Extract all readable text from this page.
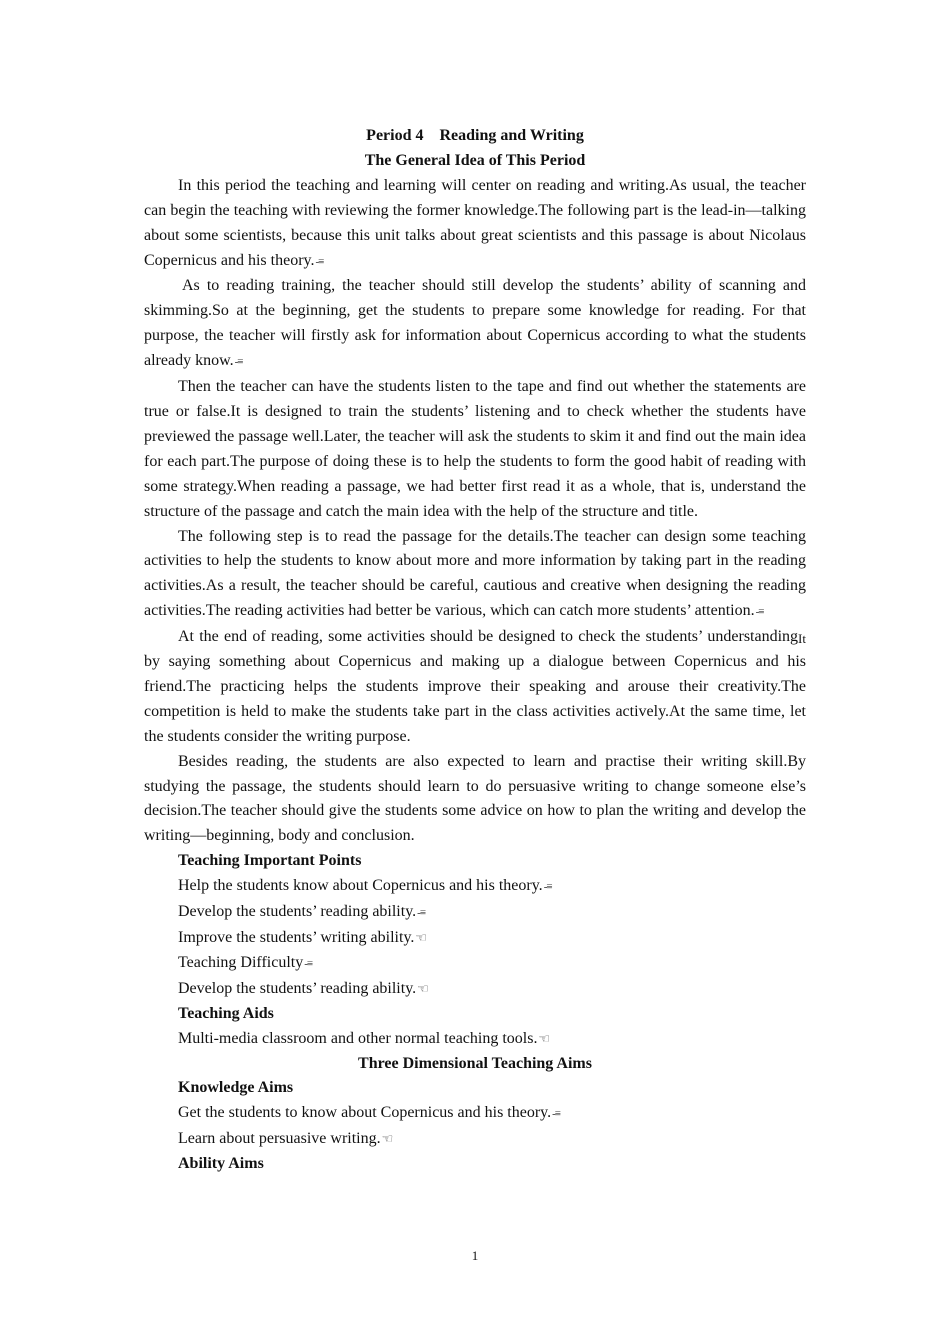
Period 4    Reading and Writing

The General Idea of This Period

In this period the teaching and learning will center on reading and writing.As usual, the teacher can begin the teaching with reviewing the former knowledge.The following part is the lead-in—talking about some scientists, because this unit talks about great scientists and this passage is about Nicolaus Copernicus and his theory.-≡

As to reading training, the teacher should still develop the students’ ability of scanning and skimming.So at the beginning, get the students to prepare some knowledge for reading. For that purpose, the teacher will firstly ask for information about Copernicus according to what the students already know.-≡

Then the teacher can have the students listen to the tape and find out whether the statements are true or false.It is designed to train the students’ listening and to check whether the students have previewed the passage well.Later, the teacher will ask the students to skim it and find out the main idea for each part.The purpose of doing these is to help the students to form the good habit of reading with some strategy.When reading a passage, we had better first read it as a whole, that is, understand the structure of the passage and catch the main idea with the help of the structure and title.

The following step is to read the passage for the details.The teacher can design some teaching activities to help the students to know about more and more information by taking part in the reading activities.As a result, the teacher should be careful, cautious and creative when designing the reading activities.The reading activities had better be various, which can catch more students’ attention.-≡

At the end of reading, some activities should be designed to check the students’ understandingIt by saying something about Copernicus and making up a dialogue between Copernicus and his friend.The practicing helps the students improve their speaking and arouse their creativity.The competition is held to make the students take part in the class activities actively.At the same time, let the students consider the writing purpose.

Besides reading, the students are also expected to learn and practise their writing skill.By studying the passage, the students should learn to do persuasive writing to change someone else’s decision.The teacher should give the students some advice on how to plan the writing and develop the writing—beginning, body and conclusion.

Teaching Important Points

Help the students know about Copernicus and his theory.-≡

Develop the students’ reading ability.-≡

Improve the students’ writing ability.☜

Teaching Difficulty-≡

Develop the students’ reading ability.☜

Teaching Aids

Multi-media classroom and other normal teaching tools.☜

Three Dimensional Teaching Aims

Knowledge Aims

Get the students to know about Copernicus and his theory.-≡

Learn about persuasive writing.☜

Ability Aims

1
